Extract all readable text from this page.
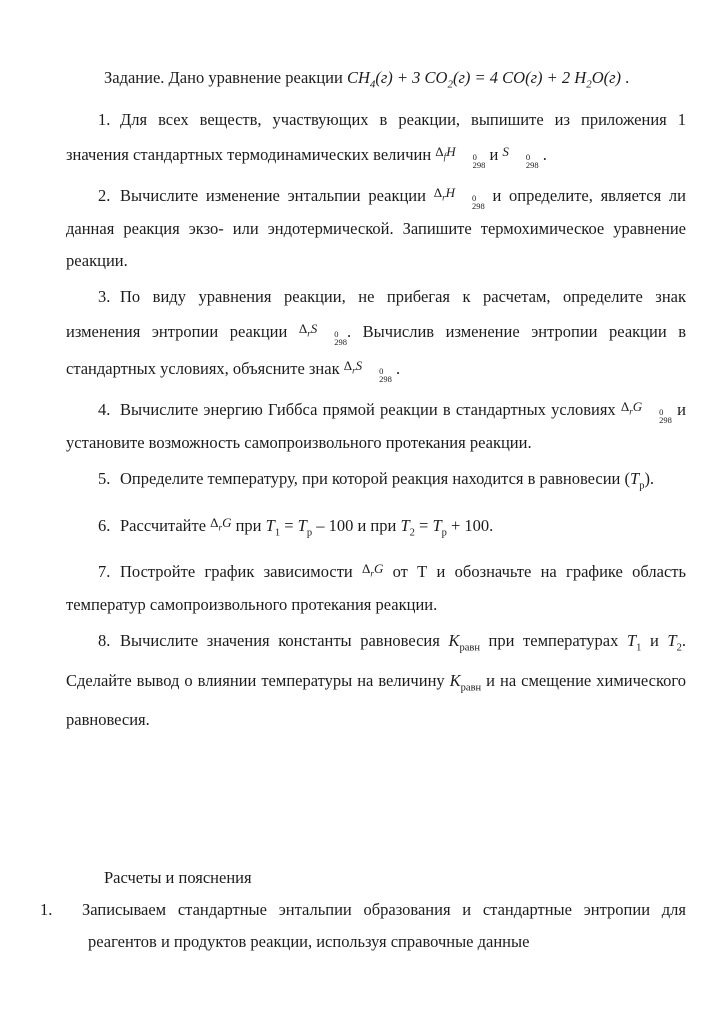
Задание. Дано уравнение реакции $CH_4(г) + 3$ $CO_2(г) = 4$ CO(г) + 2 $H_2O(г)$ .

1. Для всех веществ, участвующих в реакции, выпишите из приложения 1 значения стандартных термодинамических величин $^{\Delta_fH 0 298}$
и $^{S 0 298}$
.

2. Вычислите изменение энтальпии реакции $^{\Delta_rH 0 298}$
и определите, является ли данная реакция экзо- или эндотермической. Запишите термохимическое уравнение реакции.

3. По виду уравнения реакции, не прибегая к расчетам, определите знак изменения энтропии реакции $^{\Delta_rS 0 298}$
. Вычислив изменение энтропии реакции в стандартных условиях, объясните знак $^{\Delta_rS 0 298}$
.

4. Вычислите энергию Гиббса прямой реакции в стандартных условиях $^{\Delta_rG 0 298}$
и установите возможность самопроизвольного протекания реакции.

5. Определите температуру, при которой реакция находится в равновесии $(T_р)$.

6. Рассчитайте $^{\Delta_rG}$ при $T_1 = T_р - 100$ и при $T_2 = T_р + 100$.

7. Постройте график зависимости $^{\Delta_rG}$ от Т и обозначьте на графике область температур самопроизвольного протекания реакции.

8. Вычислите значения константы равновесия $K_{равн}$ при температурах $T_1$ и $T_2$. Сделайте вывод о влиянии температуры на величину $K_{равн}$ и на смещение химического равновесия.

Расчеты и пояснения

1. Записываем стандартные энтальпии образования и стандартные энтропии для реагентов и продуктов реакции, используя справочные данные
